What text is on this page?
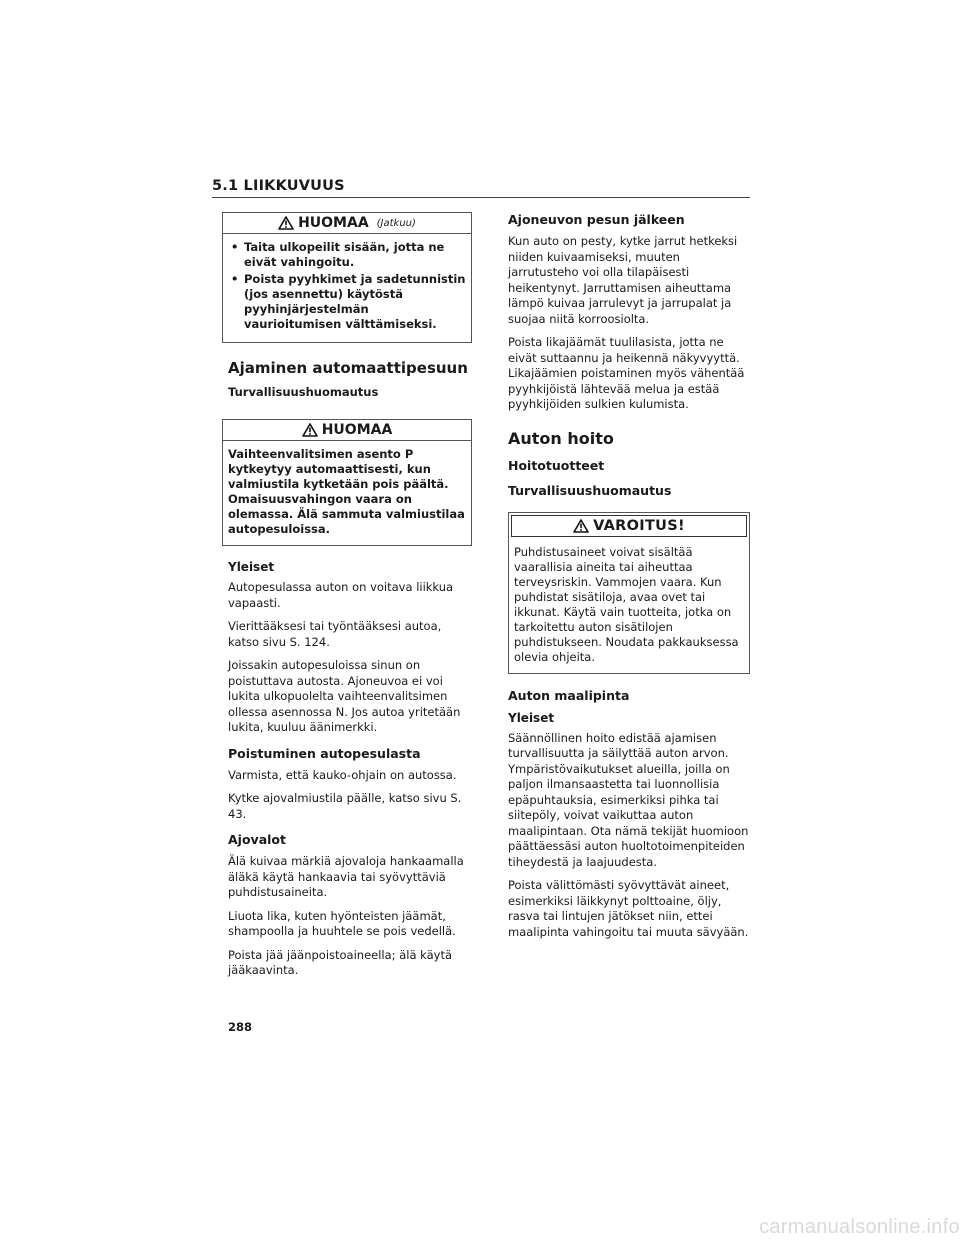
5.1 LIIKKUVUUS
HUOMAA (Jatkuu)
• Taita ulkopeilit sisään, jotta ne eivät vahingoitu.
• Poista pyyhkimet ja sadetunnistin (jos asennettu) käytöstä pyyhinjärjestelmän vaurioitumisen välttämiseksi.
Ajaminen automaattipesuun
Turvallisuushuomautus
HUOMAA
Vaihteenvalitsimen asento P kytkeytyy automaattisesti, kun valmiustila kytketään pois päältä. Omaisuusvahingon vaara on olemassa. Älä sammuta valmiustilaa autopesuloissa.
Yleiset

Autopesulassa auton on voitava liikkua vapaasti.

Vierittääksesi tai työntääksesi autoa, katso sivu S. 124.

Joissakin autopesuloissa sinun on poistuttava autosta. Ajoneuvoa ei voi lukita ulkopuolelta vaihteenvalitsimen ollessa asennossa N. Jos autoa yritetään lukita, kuuluu äänimerkki.

Poistuminen autopesulasta

Varmista, että kauko-ohjain on autossa.

Kytke ajovalmiustila päälle, katso sivu S. 43.

Ajovalot

Älä kuivaa märkiä ajovaloja hankaamalla äläkä käytä hankaavia tai syövyttäviä puhdistusaineita.

Liuota lika, kuten hyönteisten jäämät, shampoolla ja huuhtele se pois vedellä.

Poista jää jäänpoistoaineella; älä käytä jääkaavinta.

Ajoneuvon pesun jälkeen

Kun auto on pesty, kytke jarrut hetkeksi niiden kuivaamiseksi, muuten jarrutusteho voi olla tilapäisesti heikentynyt. Jarruttamisen aiheuttama lämpö kuivaa jarrulevyt ja jarrupalat ja suojaa niitä korroosiolta.

Poista likajäämät tuulilasista, jotta ne eivät suttaannu ja heikennä näkyvyyttä. Likajäämien poistaminen myös vähentää pyyhkijöistä lähtevää melua ja estää pyyhkijöiden sulkien kulumista.

Auton hoito
Hoitotuotteet
Turvallisuushuomautus
VAROITUS!
Puhdistusaineet voivat sisältää vaarallisia aineita tai aiheuttaa terveysriskin. Vammojen vaara. Kun puhdistat sisätiloja, avaa ovet tai ikkunat. Käytä vain tuotteita, jotka on tarkoitettu auton sisätilojen puhdistukseen. Noudata pakkauksessa olevia ohjeita.
Auton maalipinta
Yleiset

Säännöllinen hoito edistää ajamisen turvallisuutta ja säilyttää auton arvon. Ympäristövaikutukset alueilla, joilla on paljon ilmansaastetta tai luonnollisia epäpuhtauksia, esimerkiksi pihka tai siitepöly, voivat vaikuttaa auton maalipintaan. Ota nämä tekijät huomioon päättäessäsi auton huoltotoimenpiteiden tiheydestä ja laajuudesta.

Poista välittömästi syövyttävät aineet, esimerkiksi läikkynyt polttoaine, öljy, rasva tai lintujen jätökset niin, ettei maalipinta vahingoitu tai muuta sävyään.

288
carmanualsonline.info
